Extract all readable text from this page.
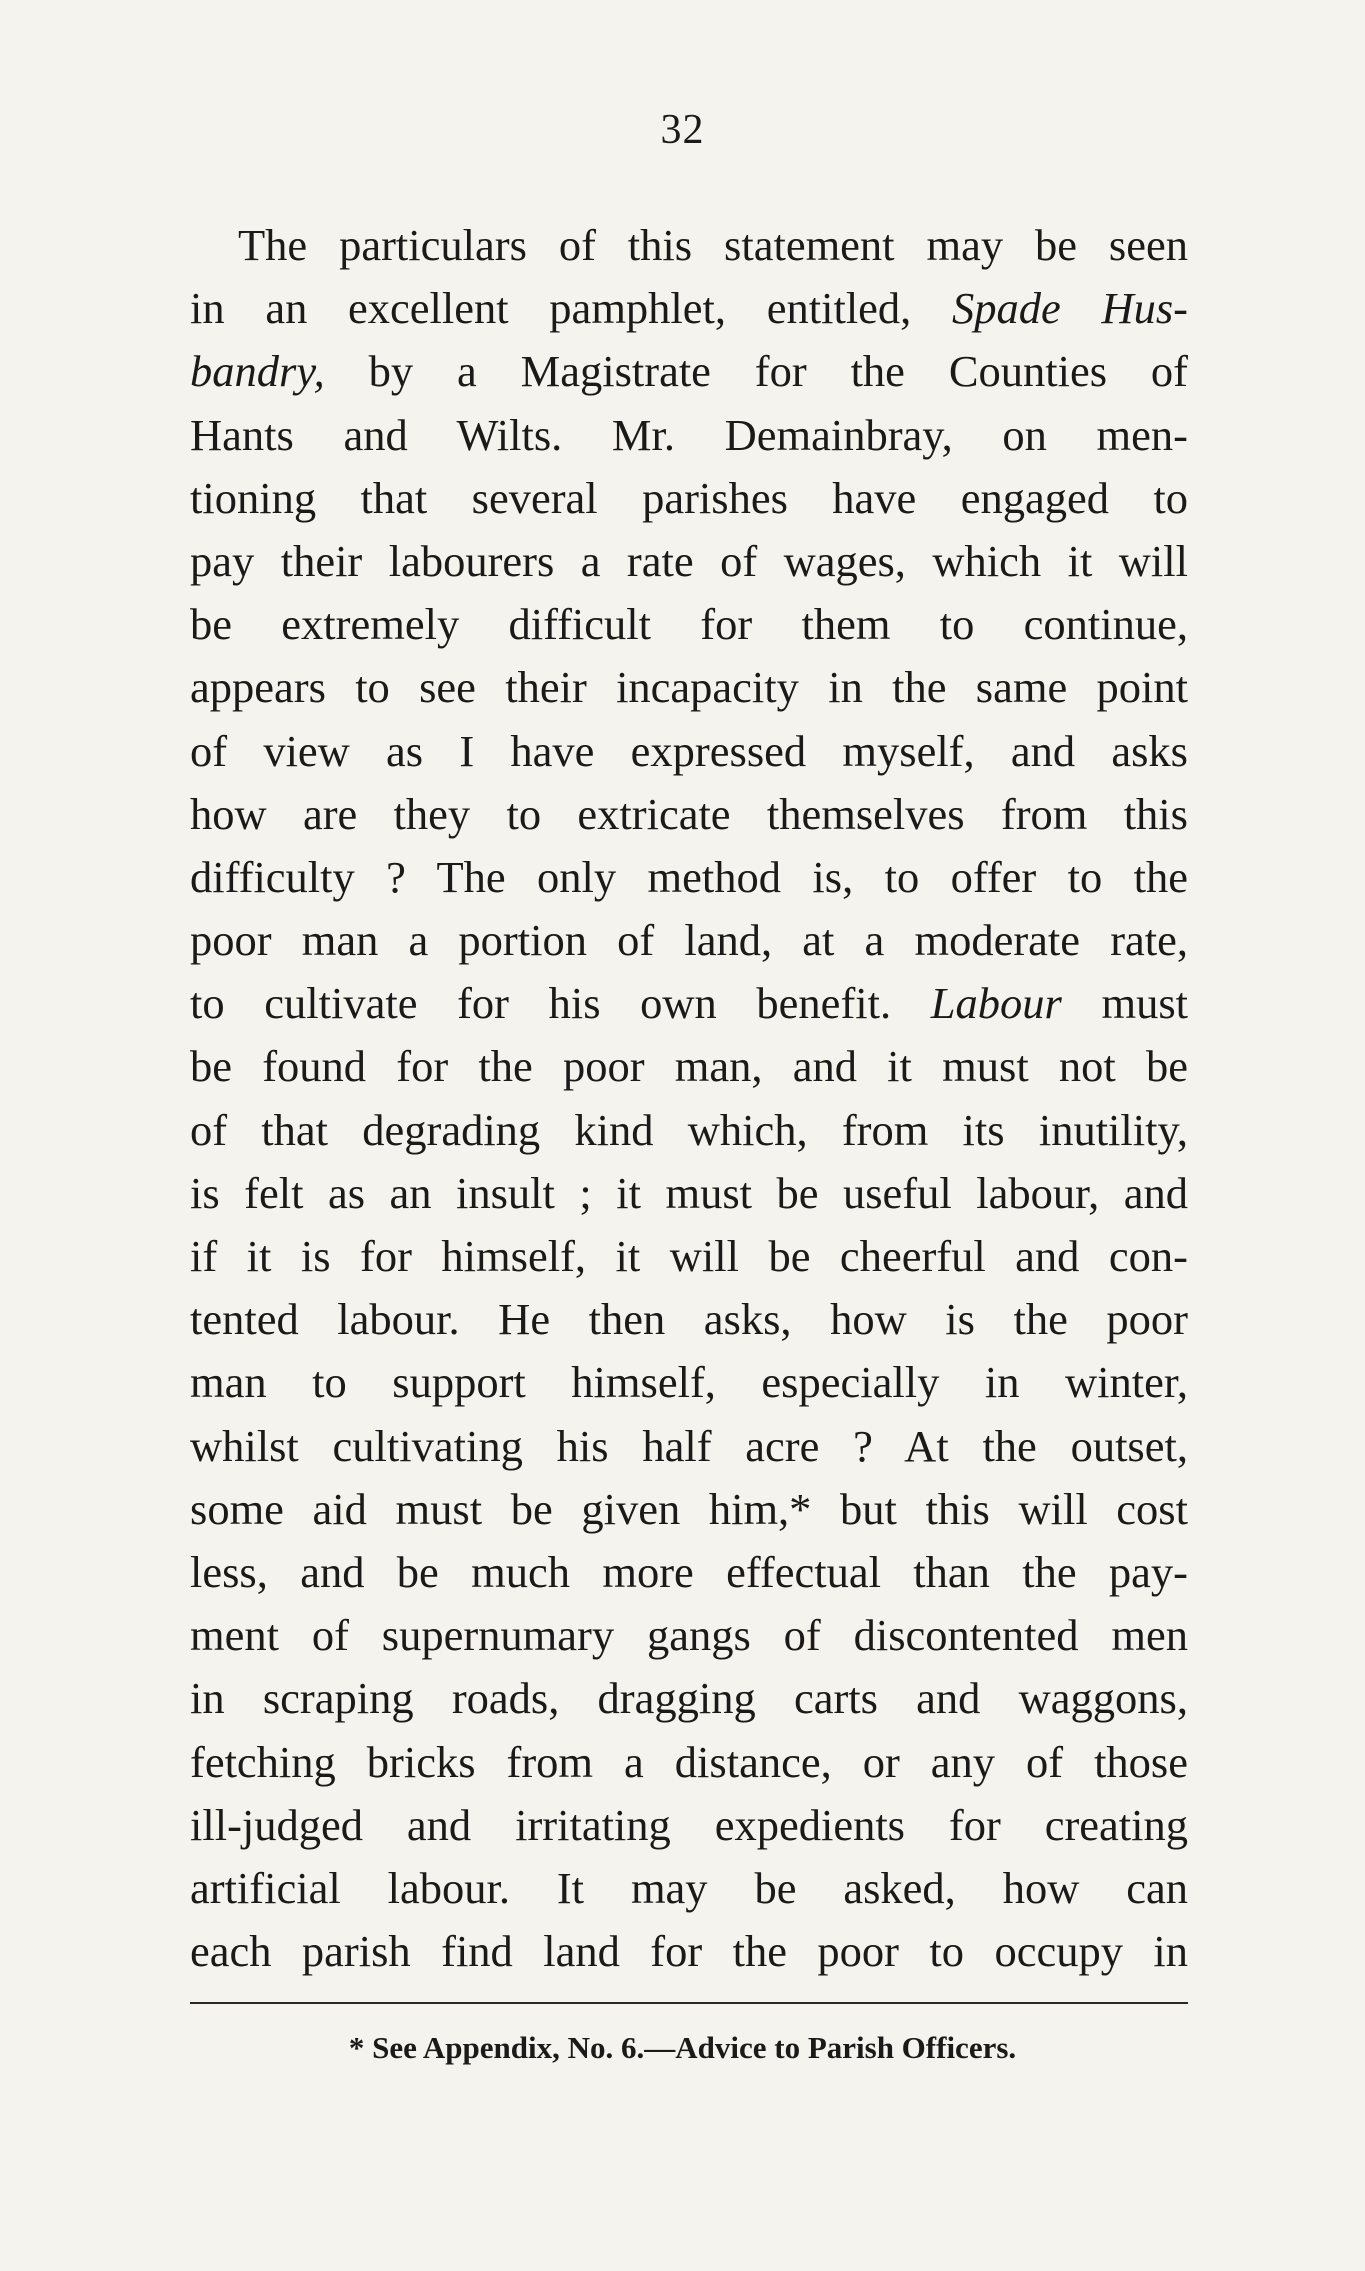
32
The particulars of this statement may be seen
in an excellent pamphlet, entitled, Spade Hus-
bandry, by a Magistrate for the Counties of
Hants and Wilts. Mr. Demainbray, on men-
tioning that several parishes have engaged to
pay their labourers a rate of wages, which it will
be extremely difficult for them to continue,
appears to see their incapacity in the same point
of view as I have expressed myself, and asks
how are they to extricate themselves from this
difficulty ? The only method is, to offer to the
poor man a portion of land, at a moderate rate,
to cultivate for his own benefit. Labour must
be found for the poor man, and it must not be
of that degrading kind which, from its inutility,
is felt as an insult ; it must be useful labour, and
if it is for himself, it will be cheerful and con-
tented labour. He then asks, how is the poor
man to support himself, especially in winter,
whilst cultivating his half acre ? At the outset,
some aid must be given him,* but this will cost
less, and be much more effectual than the pay-
ment of supernumary gangs of discontented men
in scraping roads, dragging carts and waggons,
fetching bricks from a distance, or any of those
ill-judged and irritating expedients for creating
artificial labour. It may be asked, how can
each parish find land for the poor to occupy in
* See Appendix, No. 6.—Advice to Parish Officers.
